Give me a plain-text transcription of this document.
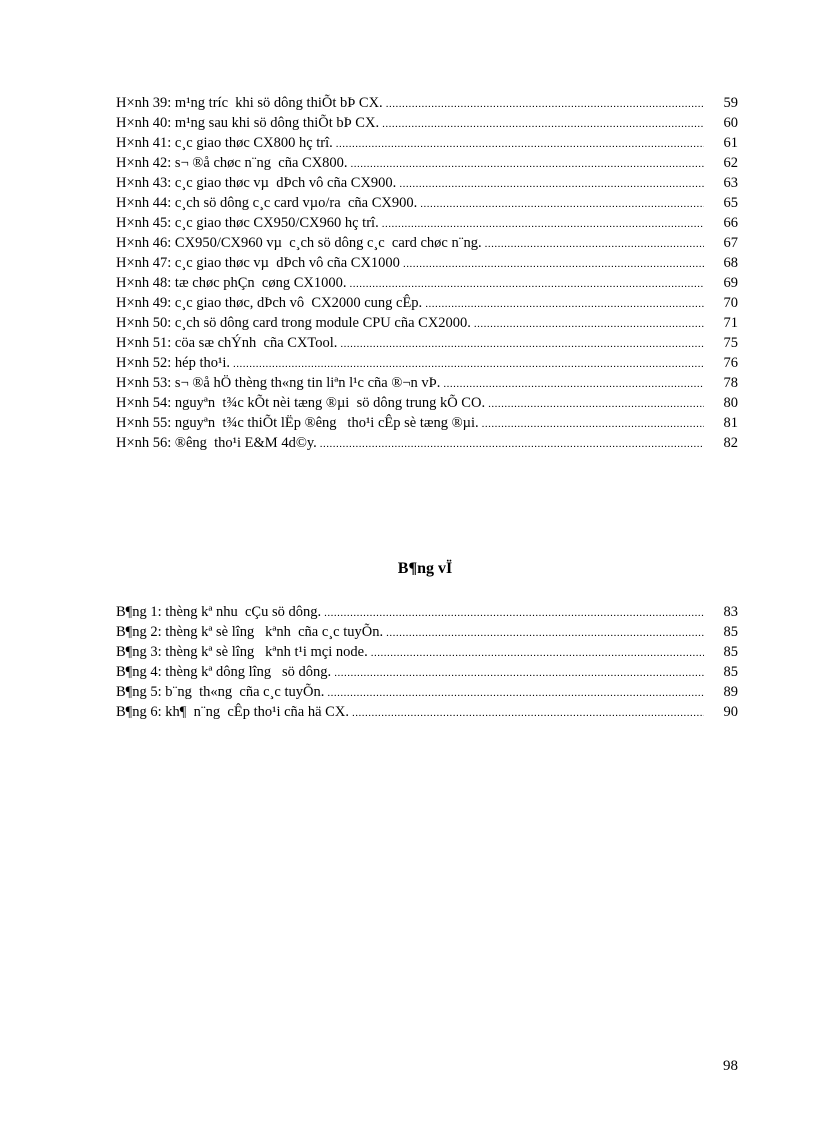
H×nh 39: m¹ng tríc  khi sö dông thiÕt bÞ CX. .....	59
H×nh 40: m¹ng sau khi sö dông thiÕt bÞ CX. .....	60
H×nh 41: c¸c giao thøc CX800 hç trî. .....	61
H×nh 42: s¬ ®å chøc n¨ng  cña CX800. .....	62
H×nh 43: c¸c giao thøc vµ  dÞch vô cña CX900. .....	63
H×nh 44: c¸ch sö dông c¸c card vµo/ra  cña CX900. .....	65
H×nh 45: c¸c giao thøc CX950/CX960 hç trî. .....	66
H×nh 46: CX950/CX960 vµ  c¸ch sö dông c¸c  card chøc n¨ng. .....	67
H×nh 47: c¸c giao thøc vµ  dÞch vô cña CX1000 .....	68
H×nh 48: tæ chøc phÇn  cøng CX1000. .....	69
H×nh 49: c¸c giao thøc, dÞch vô  CX2000 cung cÊp. .....	70
H×nh 50: c¸ch sö dông card trong module CPU cña CX2000. .....	71
H×nh 51: cöa sæ chÝnh  cña CXTool. .....	75
H×nh 52: hép tho¹i. .....	76
H×nh 53: s¬ ®å hÖ thèng th«ng tin liªn l¹c cña ®¬n vÞ. .....	78
H×nh 54: nguyªn  t¾c kÕt nèi tæng ®µi  sö dông trung kÕ CO. .....	80
H×nh 55: nguyªn  t¾c thiÕt lËp ®êng   tho¹i cÊp sè tæng ®µi. .....	81
H×nh 56: ®êng  tho¹i E&M 4d©y. .....	82
B¶ng vÏ
B¶ng 1: thèng kª nhu  cÇu sö dông. .....	83
B¶ng 2: thèng kª sè lîng   kªnh  cña c¸c tuyÕn. .....	85
B¶ng 3: thèng kª sè lîng   kªnh t¹i mçi node. .....	85
B¶ng 4: thèng kª dông lîng   sö dông. .....	85
B¶ng 5: b¨ng  th«ng  cña c¸c tuyÕn. .....	89
B¶ng 6: kh¶  n¨ng  cÊp tho¹i cña hä CX. .....	90
98
